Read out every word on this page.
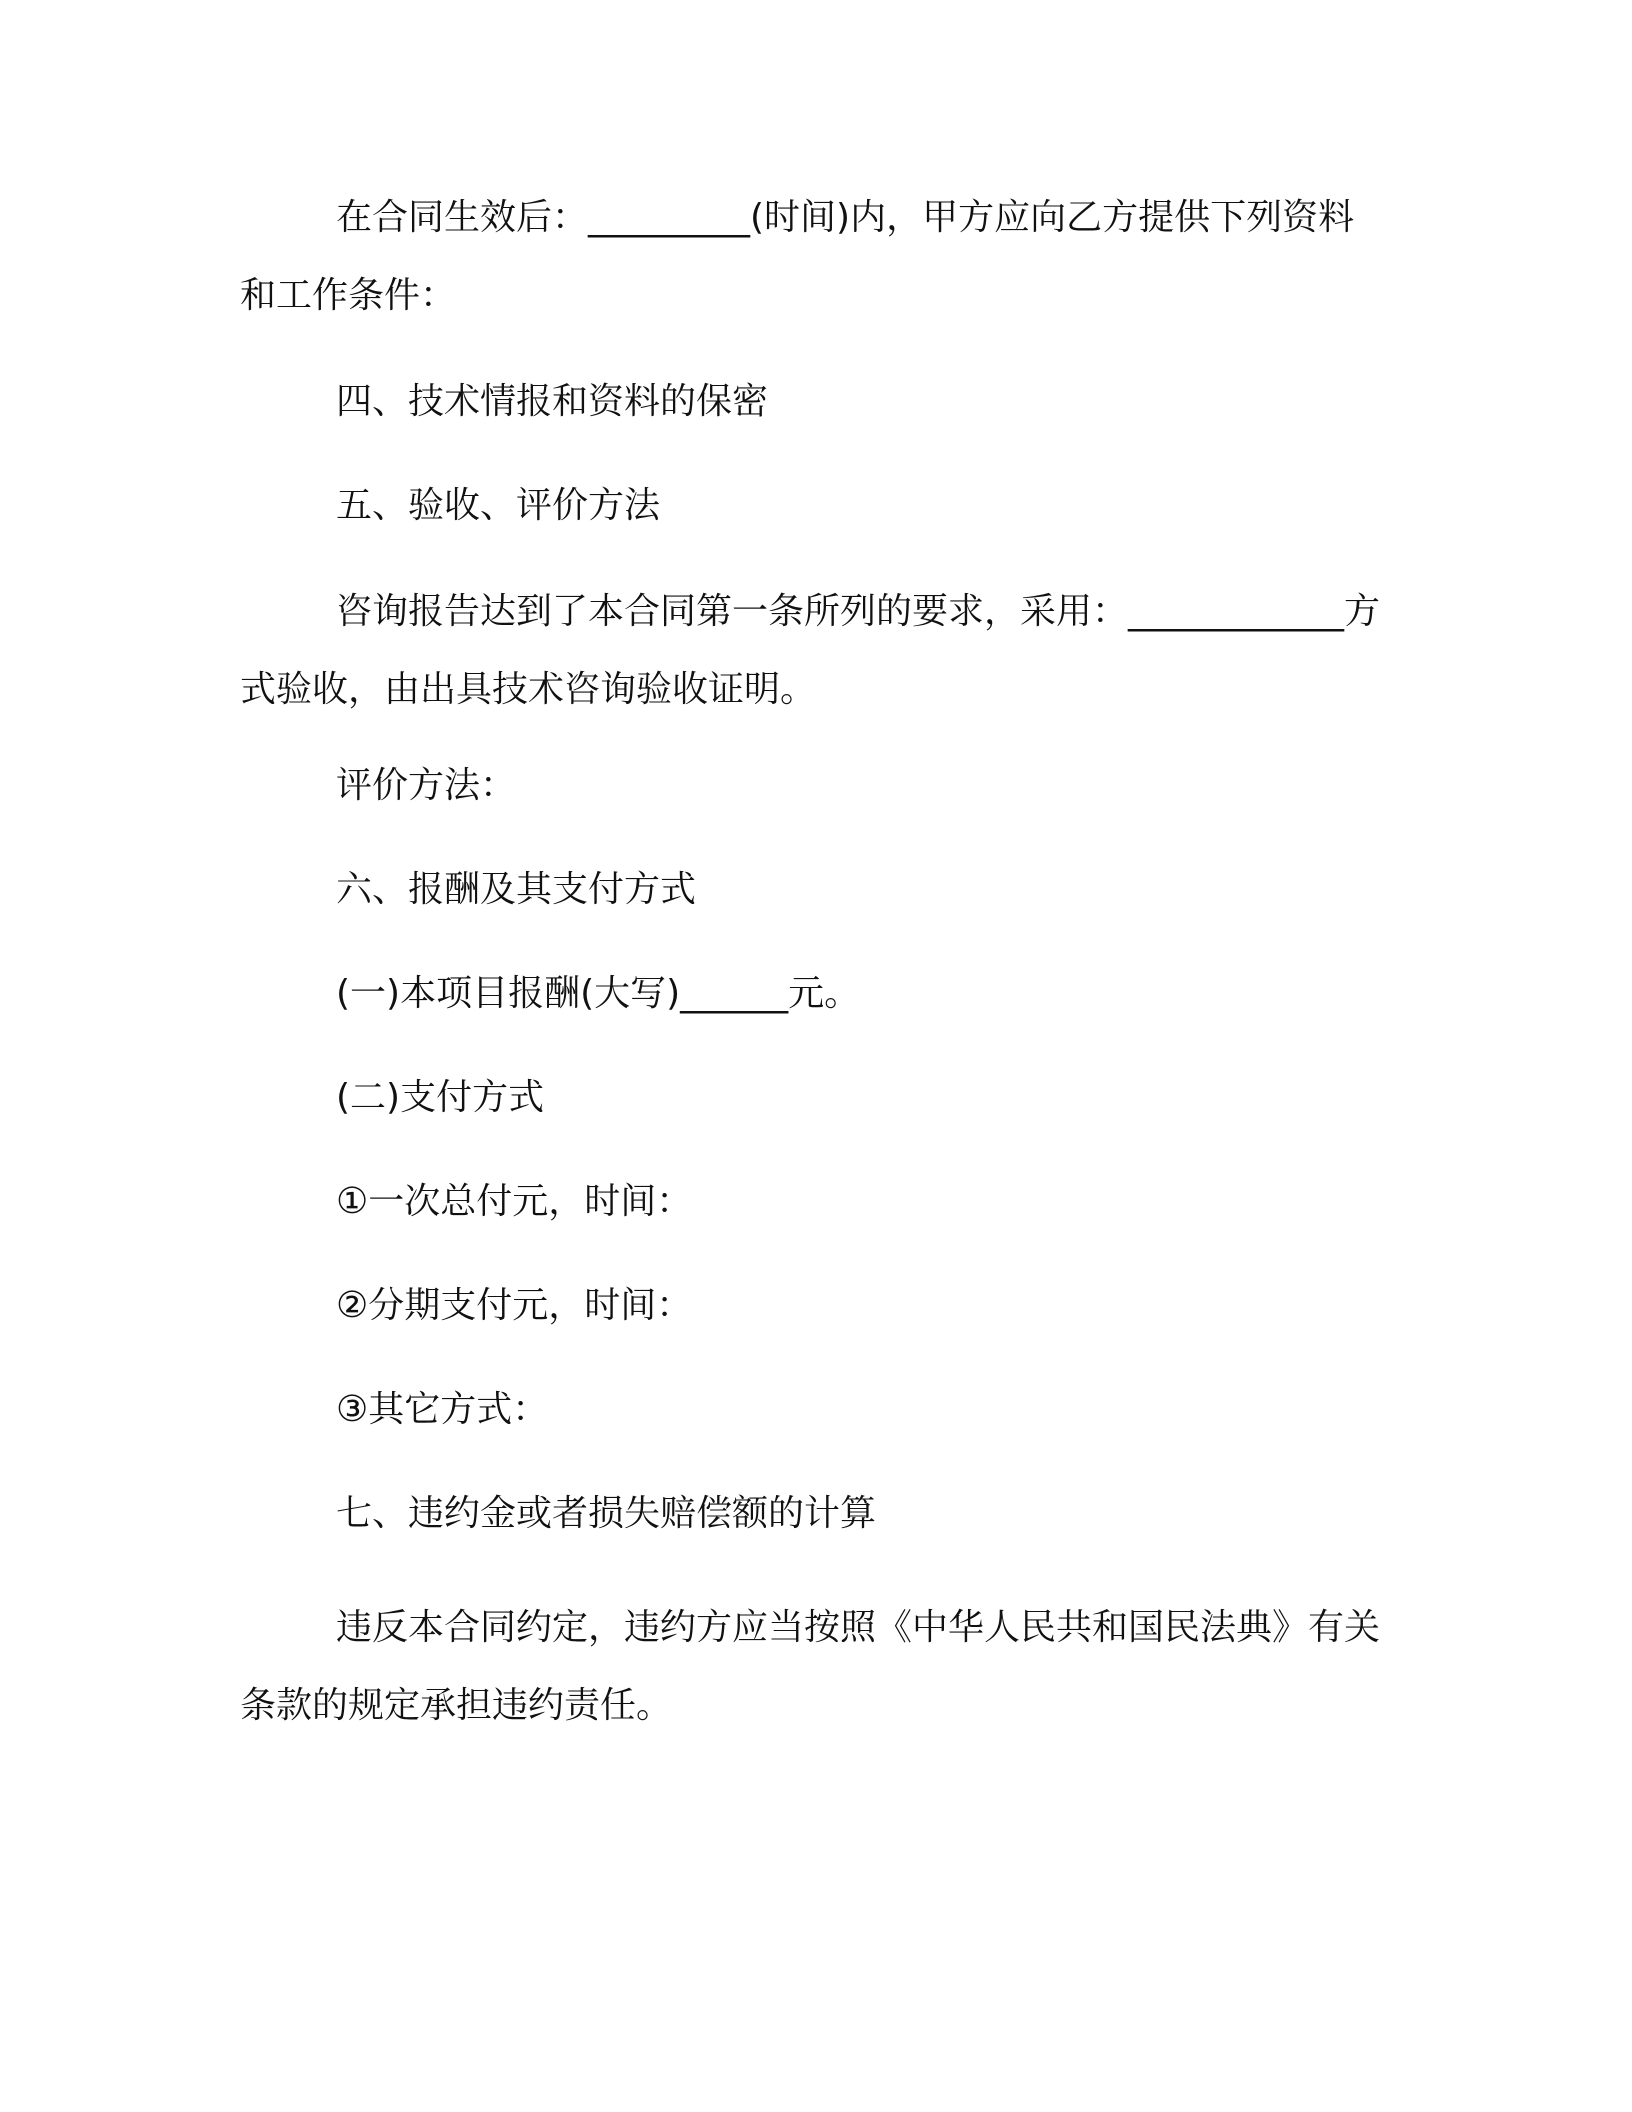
在合同生效后：_________(时间)内，甲方应向乙方提供下列资料和工作条件：

四、技术情报和资料的保密

五、验收、评价方法

咨询报告达到了本合同第一条所列的要求，采用：____________方式验收，由出具技术咨询验收证明。

评价方法：

六、报酬及其支付方式

(一)本项目报酬(大写)______元。

(二)支付方式

①一次总付元，时间：

②分期支付元，时间：

③其它方式：

七、违约金或者损失赔偿额的计算

违反本合同约定，违约方应当按照《中华人民共和国民法典》有关条款的规定承担违约责任。
